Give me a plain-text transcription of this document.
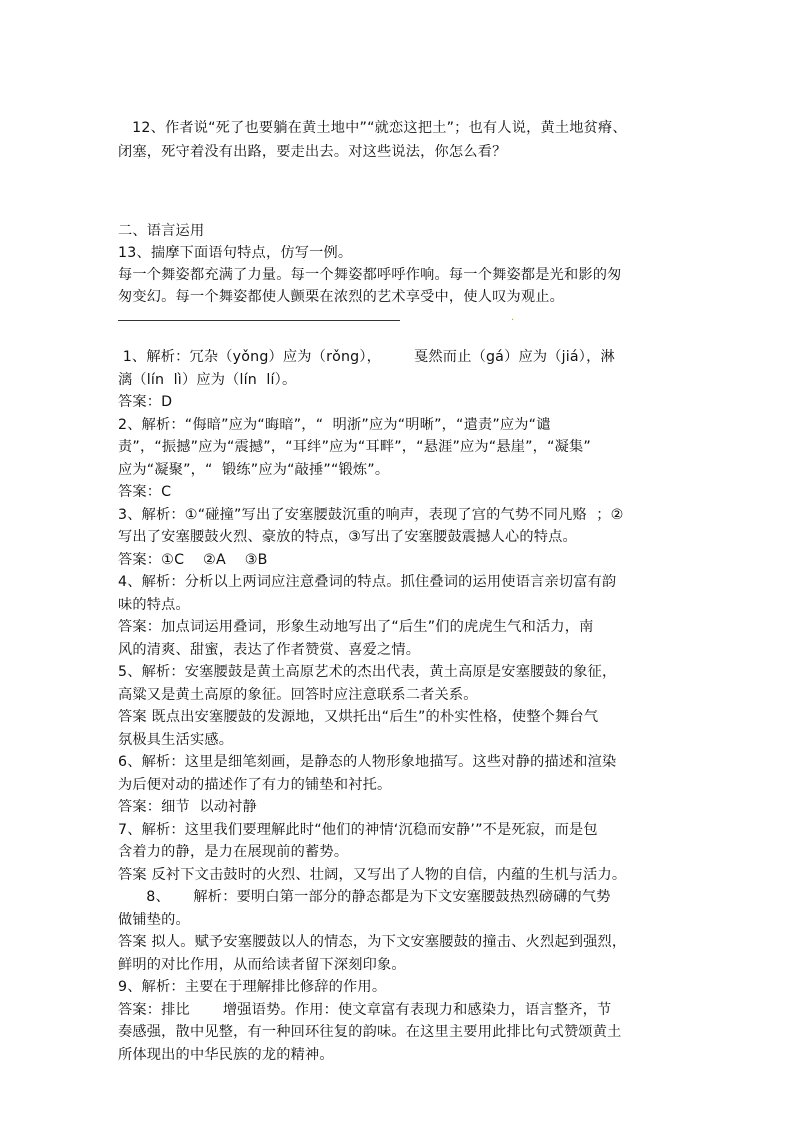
12、作者说“死了也要躺在黄土地中”“就恋这把土”；也有人说，黄土地贫瘠、
闭塞，死守着没有出路，要走出去。对这些说法，你怎么看？
二、语言运用
13、揣摩下面语句特点，仿写一例。
每一个舞姿都充满了力量。每一个舞姿都呼呼作响。每一个舞姿都是光和影的匆
匆变幻。每一个舞姿都使人颤栗在浓烈的艺术享受中，使人叹为观止。
.
1、解析：冗杂（yǒng）应为（rǒng），       戛然而止（gá）应为（jiá），淋
漓（lín  lì）应为（lín  lí）。
答案：D
2、解析：“侮暗”应为“晦暗”，“  明浙”应为“明晰”，“遣责”应为“谴
责”，“振撼”应为“震撼”，“耳绊”应为“耳畔”，“悬涯”应为“悬崖”，“凝集”
应为“凝聚”，“  锻练”应为“敲捶”“锻炼”。
答案：C
3、解析：①“碰撞”写出了安塞腰鼓沉重的响声，表现了宫的气势不同凡赂  ；②
写出了安塞腰鼓火烈、豪放的特点，③写出了安塞腰鼓震撼人心的特点。
答案：①C    ②A    ③B
4、解析：分析以上两词应注意叠词的特点。抓住叠词的运用使语言亲切富有韵
味的特点。
答案：加点词运用叠词，形象生动地写出了“后生”们的虎虎生气和活力，南
风的清爽、甜蜜，表达了作者赞赏、喜爱之情。
5、解析：安塞腰鼓是黄土高原艺术的杰出代表，黄土高原是安塞腰鼓的象征，
高粱又是黄土高原的象征。回答时应注意联系二者关系。
答案 既点出安塞腰鼓的发源地，又烘托出“后生”的朴实性格，使整个舞台气
氛极具生活实感。
6、解析：这里是细笔刻画，是静态的人物形象地描写。这些对静的描述和渲染
为后便对动的描述作了有力的铺垫和衬托。
答案：细节  以动衬静
7、解析：这里我们要理解此时“他们的神情‘沉稳而安静’”不是死寂，而是包
含着力的静，是力在展现前的蓄势。
答案 反衬下文击鼓时的火烈、壮阔，又写出了人物的自信，内蕴的生机与活力。
8、     解析：要明白第一部分的静态都是为下文安塞腰鼓热烈磅礴的气势
做铺垫的。
答案 拟人。赋予安塞腰鼓以人的情态，为下文安塞腰鼓的撞击、火烈起到强烈，
鲜明的对比作用，从而给读者留下深刻印象。
9、解析：主要在于理解排比修辞的作用。
答案：排比       增强语势。作用：使文章富有表现力和感染力，语言整齐，节
奏感强，散中见整，有一种回环往复的韵味。在这里主要用此排比句式赞颂黄土
所体现出的中华民族的龙的精神。
